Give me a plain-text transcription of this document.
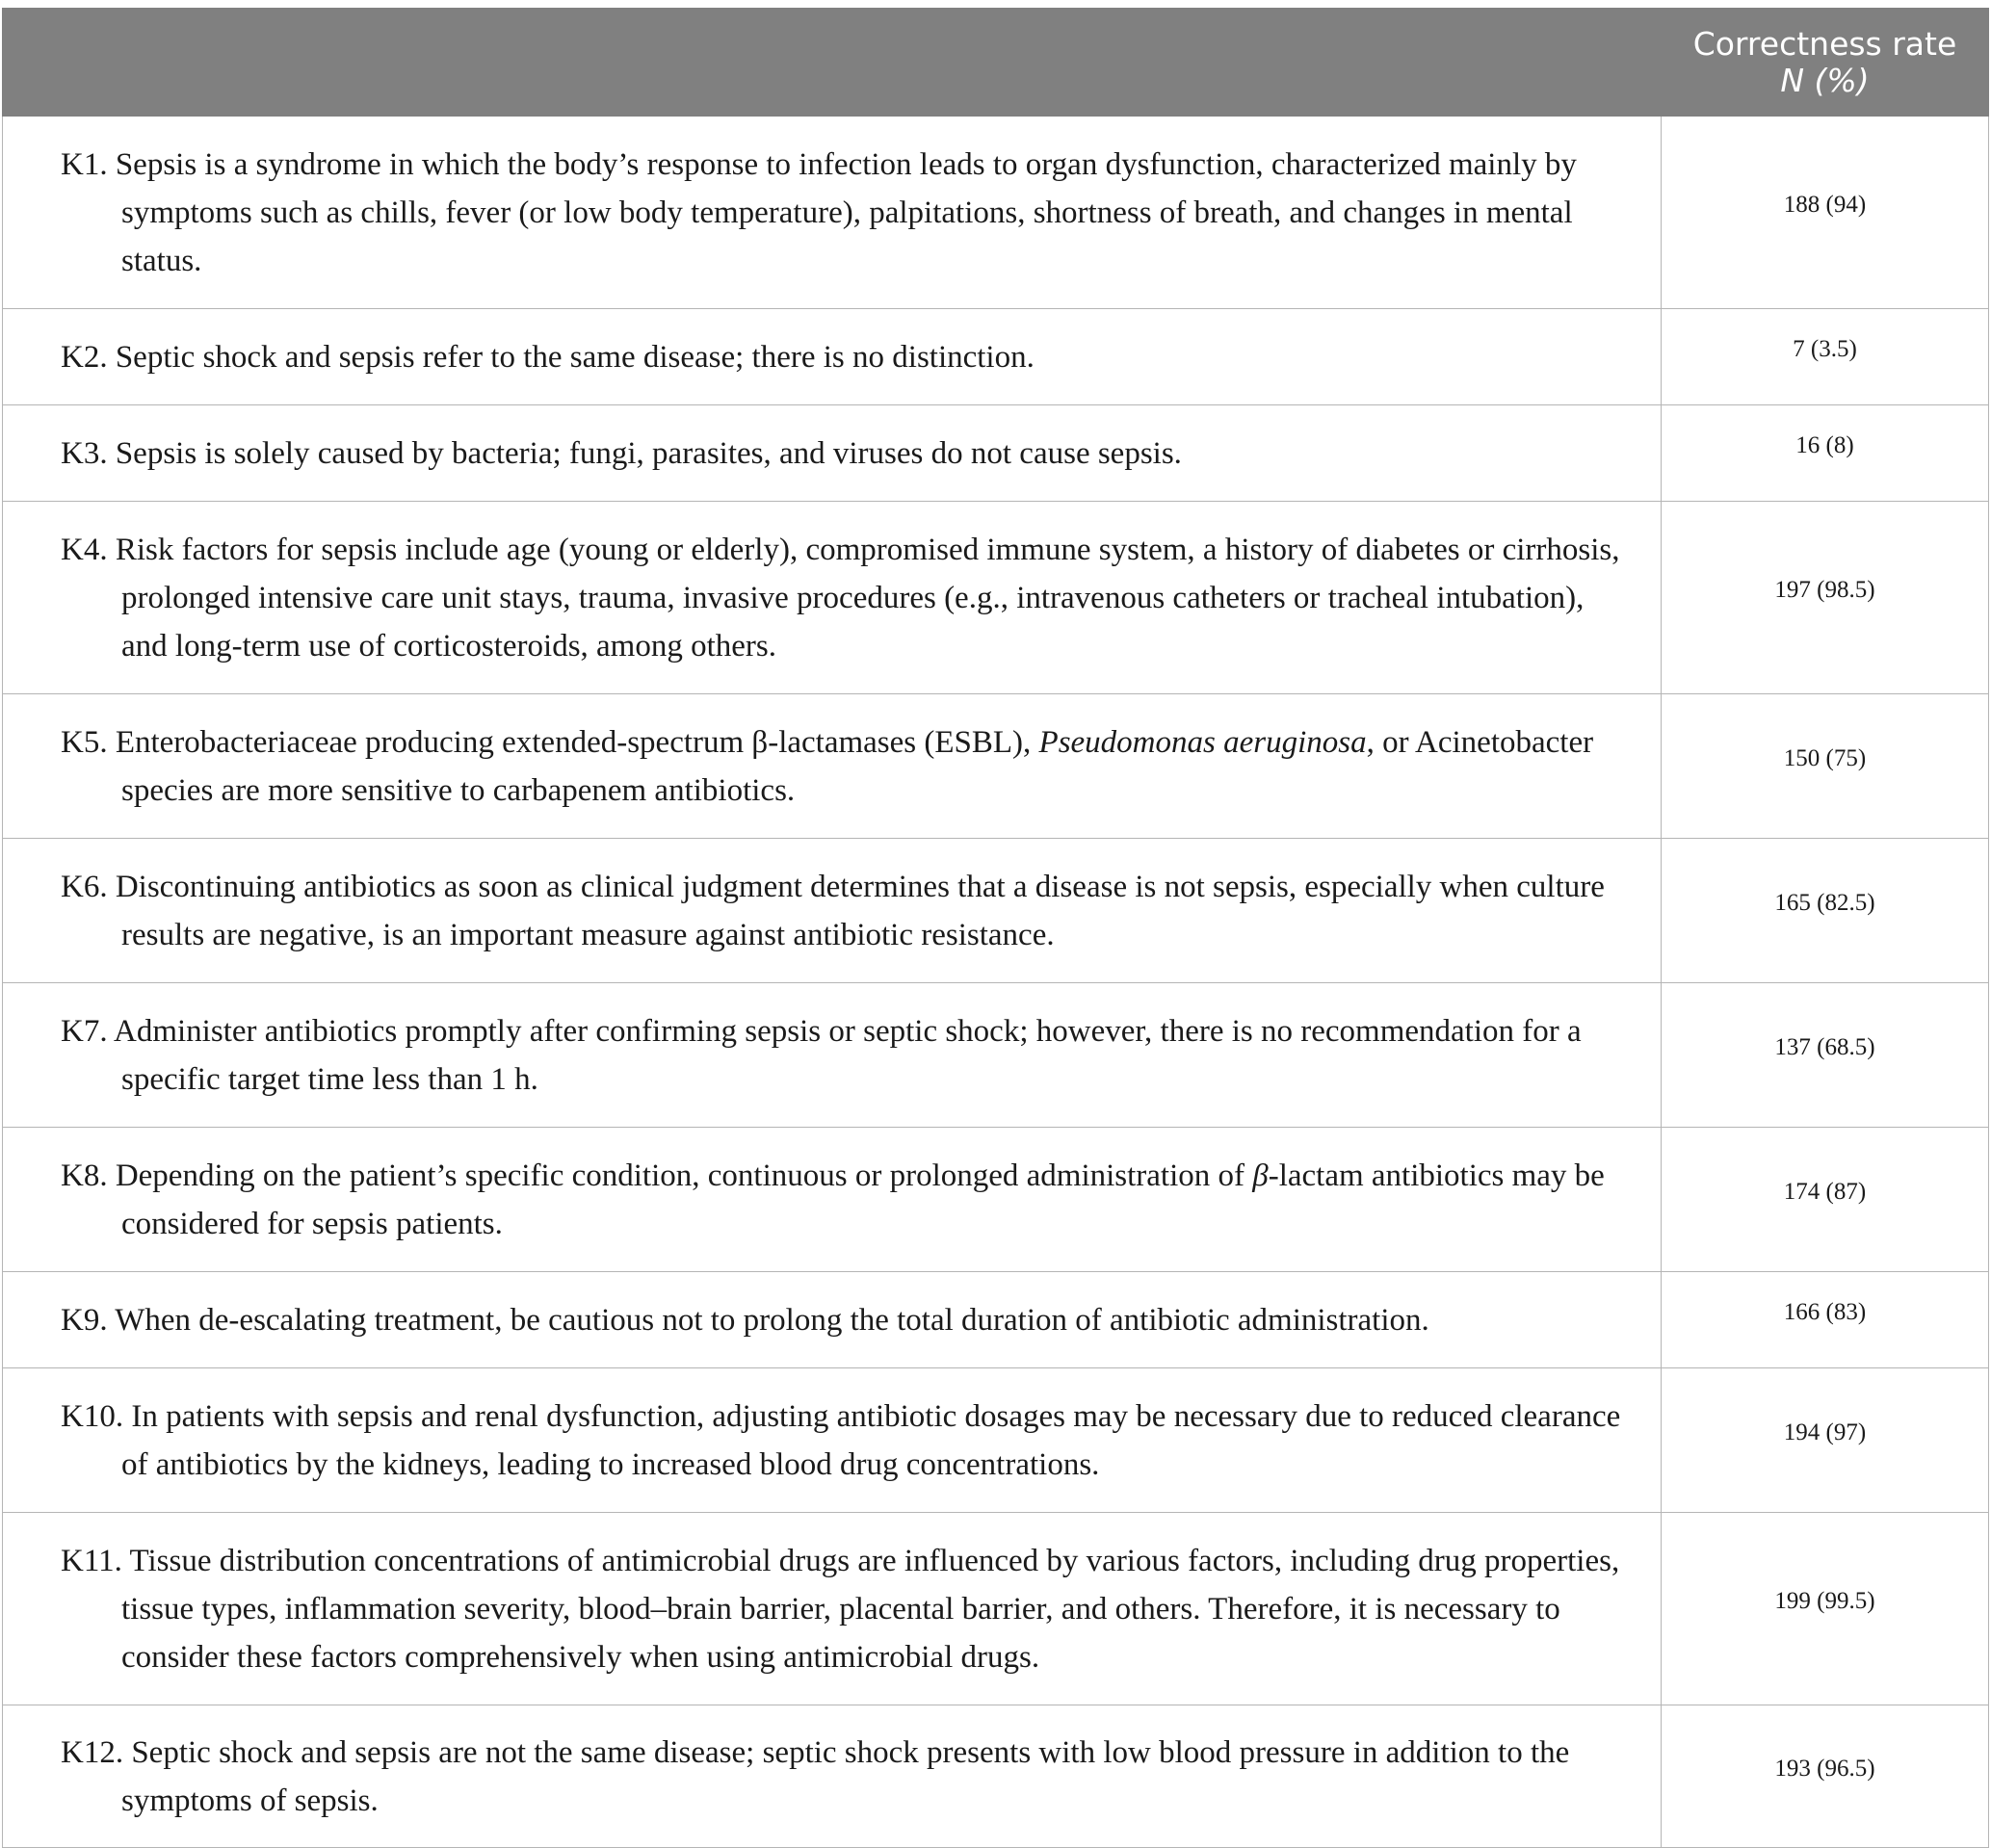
	Correctness rate
N (%)

K1. Sepsis is a syndrome in which the body’s response to infection leads to organ dysfunction, characterized mainly by symptoms such as chills, fever (or low body temperature), palpitations, shortness of breath, and changes in mental status.	188 (94)

K2. Septic shock and sepsis refer to the same disease; there is no distinction.	7 (3.5)

K3. Sepsis is solely caused by bacteria; fungi, parasites, and viruses do not cause sepsis.	16 (8)

K4. Risk factors for sepsis include age (young or elderly), compromised immune system, a history of diabetes or cirrhosis, prolonged intensive care unit stays, trauma, invasive procedures (e.g., intravenous catheters or tracheal intubation), and long-term use of corticosteroids, among others.	197 (98.5)

K5. Enterobacteriaceae producing extended-spectrum β-lactamases (ESBL), Pseudomonas aeruginosa, or Acinetobacter species are more sensitive to carbapenem antibiotics.	150 (75)

K6. Discontinuing antibiotics as soon as clinical judgment determines that a disease is not sepsis, especially when culture results are negative, is an important measure against antibiotic resistance.	165 (82.5)

K7. Administer antibiotics promptly after confirming sepsis or septic shock; however, there is no recommendation for a specific target time less than 1 h.	137 (68.5)

K8. Depending on the patient’s specific condition, continuous or prolonged administration of β-lactam antibiotics may be considered for sepsis patients.	174 (87)

K9. When de-escalating treatment, be cautious not to prolong the total duration of antibiotic administration.	166 (83)

K10. In patients with sepsis and renal dysfunction, adjusting antibiotic dosages may be necessary due to reduced clearance of antibiotics by the kidneys, leading to increased blood drug concentrations.	194 (97)

K11. Tissue distribution concentrations of antimicrobial drugs are influenced by various factors, including drug properties, tissue types, inflammation severity, blood–brain barrier, placental barrier, and others. Therefore, it is necessary to consider these factors comprehensively when using antimicrobial drugs.	199 (99.5)

K12. Septic shock and sepsis are not the same disease; septic shock presents with low blood pressure in addition to the symptoms of sepsis.	193 (96.5)
